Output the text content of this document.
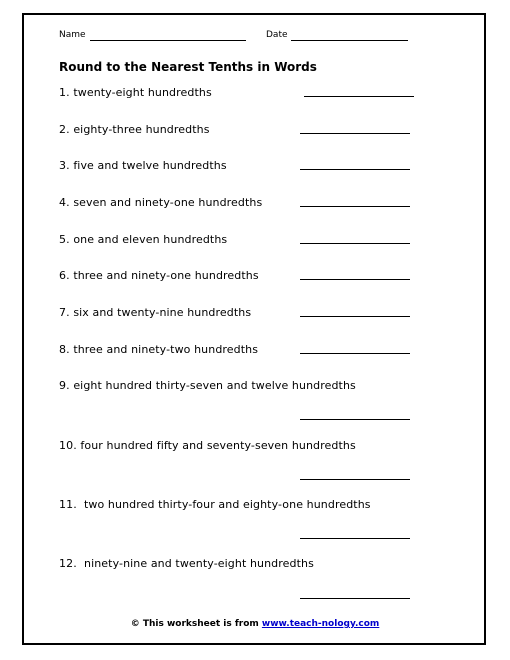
Name	Date
Round to the Nearest Tenths in Words
1. twenty-eight hundredths
2. eighty-three hundredths
3. five and twelve hundredths
4. seven and ninety-one hundredths
5. one and eleven hundredths
6. three and ninety-one hundredths
7. six and twenty-nine hundredths
8. three and ninety-two hundredths
9. eight hundred thirty-seven and twelve hundredths
10. four hundred fifty and seventy-seven hundredths
11. two hundred thirty-four and eighty-one hundredths
12. ninety-nine and twenty-eight hundredths
© This worksheet is from www.teach-nology.com
